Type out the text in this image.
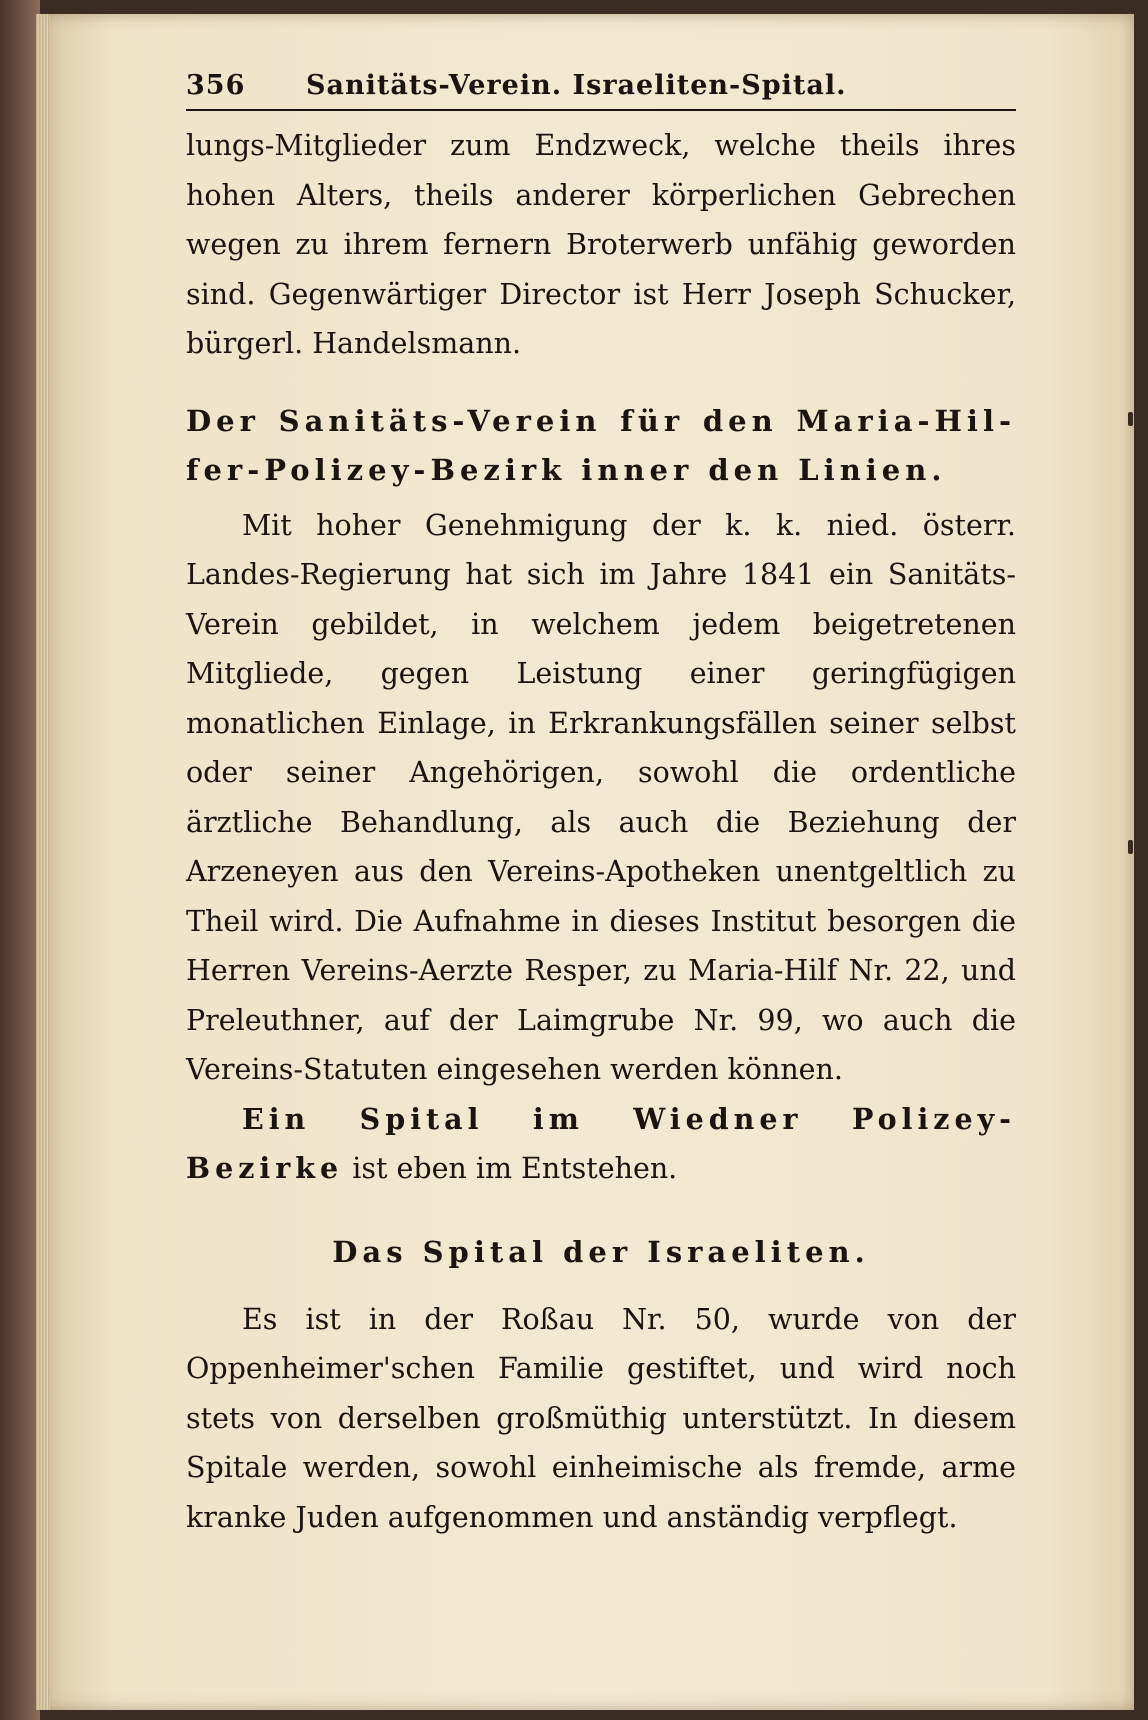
356	Sanitäts-Verein. Israeliten-Spital.

lungs-Mitglieder zum Endzweck, welche theils ihres hohen Alters, theils anderer körperlichen Gebrechen wegen zu ihrem fernern Broterwerb unfähig geworden sind. Gegenwärtiger Director ist Herr Joseph Schucker, bürgerl. Handelsmann.

Der Sanitäts-Verein für den Maria-Hil-

fer-Polizey-Bezirk inner den Linien.

Mit hoher Genehmigung der k. k. nied. österr. Landes-Regierung hat sich im Jahre 1841 ein Sanitäts-Verein gebildet, in welchem jedem beigetretenen Mitgliede, gegen Leistung einer geringfügigen monatlichen Einlage, in Erkrankungsfällen seiner selbst oder seiner Angehörigen, sowohl die ordentliche ärztliche Behandlung, als auch die Beziehung der Arzeneyen aus den Vereins-Apotheken unentgeltlich zu Theil wird. Die Aufnahme in dieses Institut besorgen die Herren Vereins-Aerzte Resper, zu Maria-Hilf Nr. 22, und Preleuthner, auf der Laimgrube Nr. 99, wo auch die Vereins-Statuten eingesehen werden können.

Ein Spital im Wiedner Polizey-Bezirke ist eben im Entstehen.

Das Spital der Israeliten.

Es ist in der Roßau Nr. 50, wurde von der Oppenheimer'schen Familie gestiftet, und wird noch stets von derselben großmüthig unterstützt. In diesem Spitale werden, sowohl einheimische als fremde, arme kranke Juden aufgenommen und anständig verpflegt.
